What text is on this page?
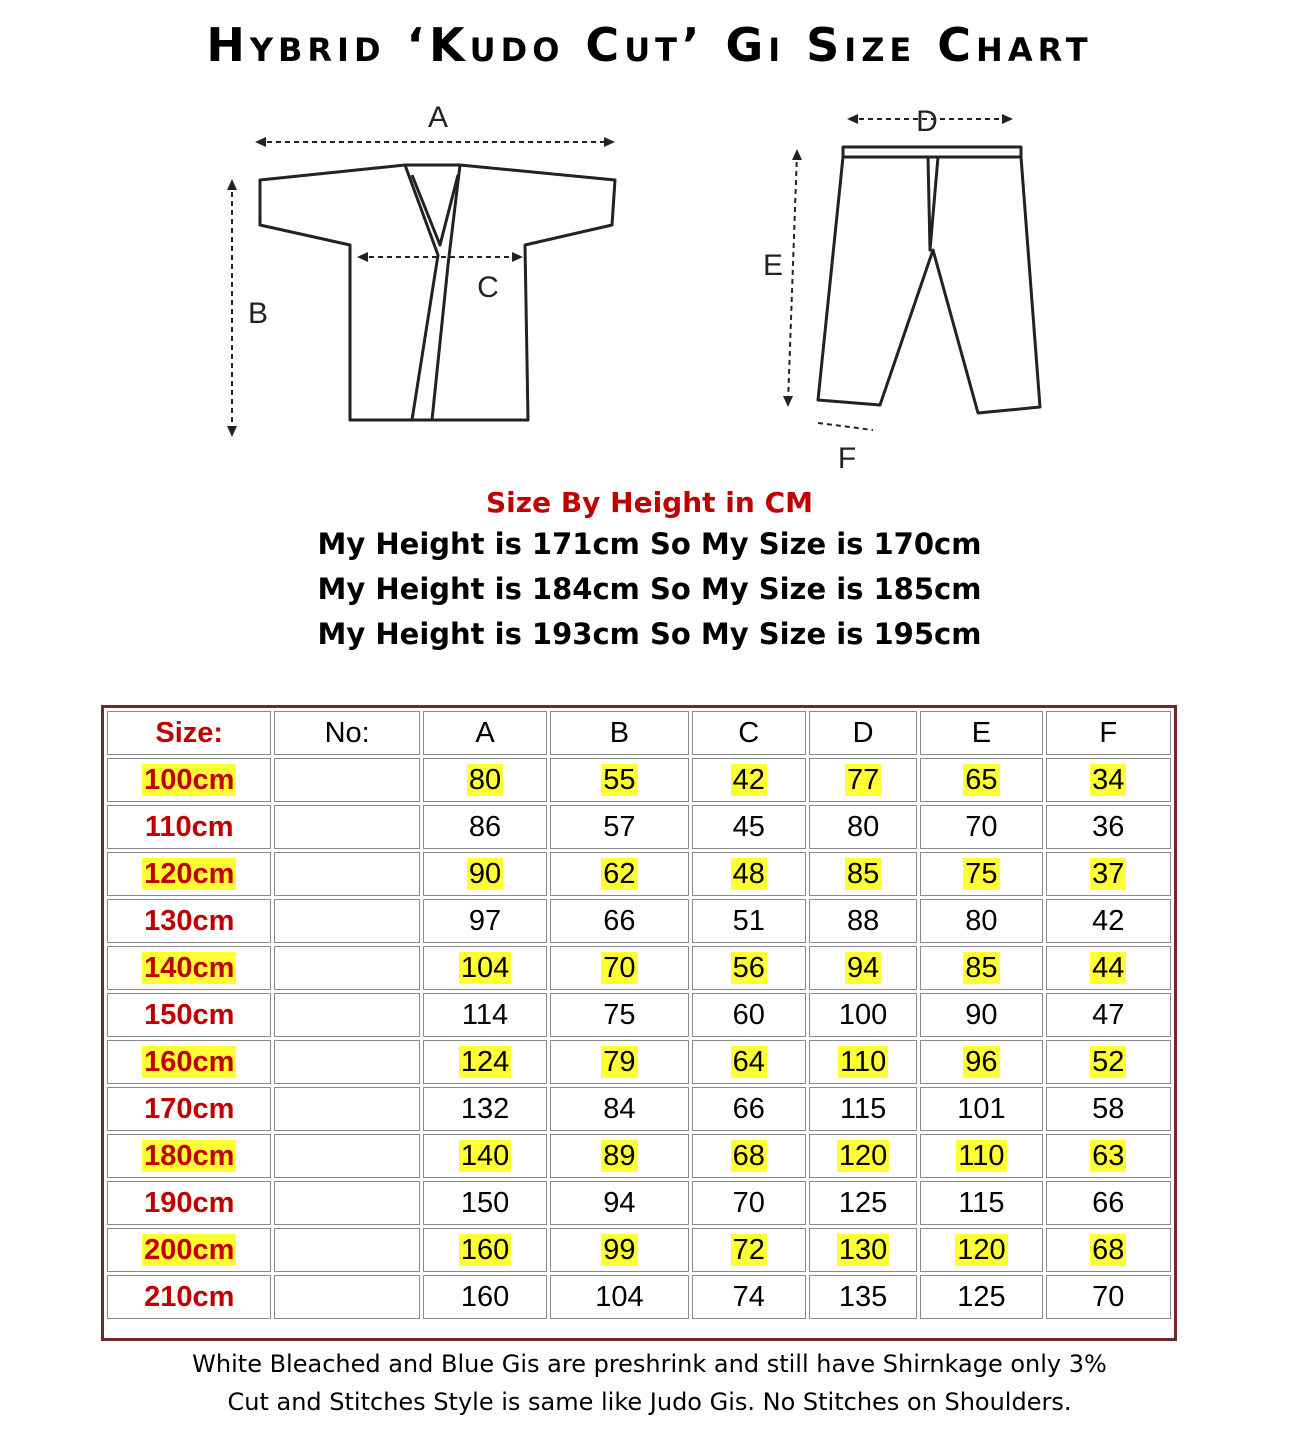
Hybrid ‘Kudo Cut’ Gi Size Chart
A
B
C
D
E
F
Size By Height in CM
My Height is 171cm So My Size is 170cm
My Height is 184cm So My Size is 185cm
My Height is 193cm So My Size is 195cm
Size:	No:	A	B	C	D	E	F
100cm		80	55	42	77	65	34
110cm		86	57	45	80	70	36
120cm		90	62	48	85	75	37
130cm		97	66	51	88	80	42
140cm		104	70	56	94	85	44
150cm		114	75	60	100	90	47
160cm		124	79	64	110	96	52
170cm		132	84	66	115	101	58
180cm		140	89	68	120	110	63
190cm		150	94	70	125	115	66
200cm		160	99	72	130	120	68
210cm		160	104	74	135	125	70
White Bleached and Blue Gis are preshrink and still have Shirnkage only 3%
Cut and Stitches Style is same like Judo Gis. No Stitches on Shoulders.
